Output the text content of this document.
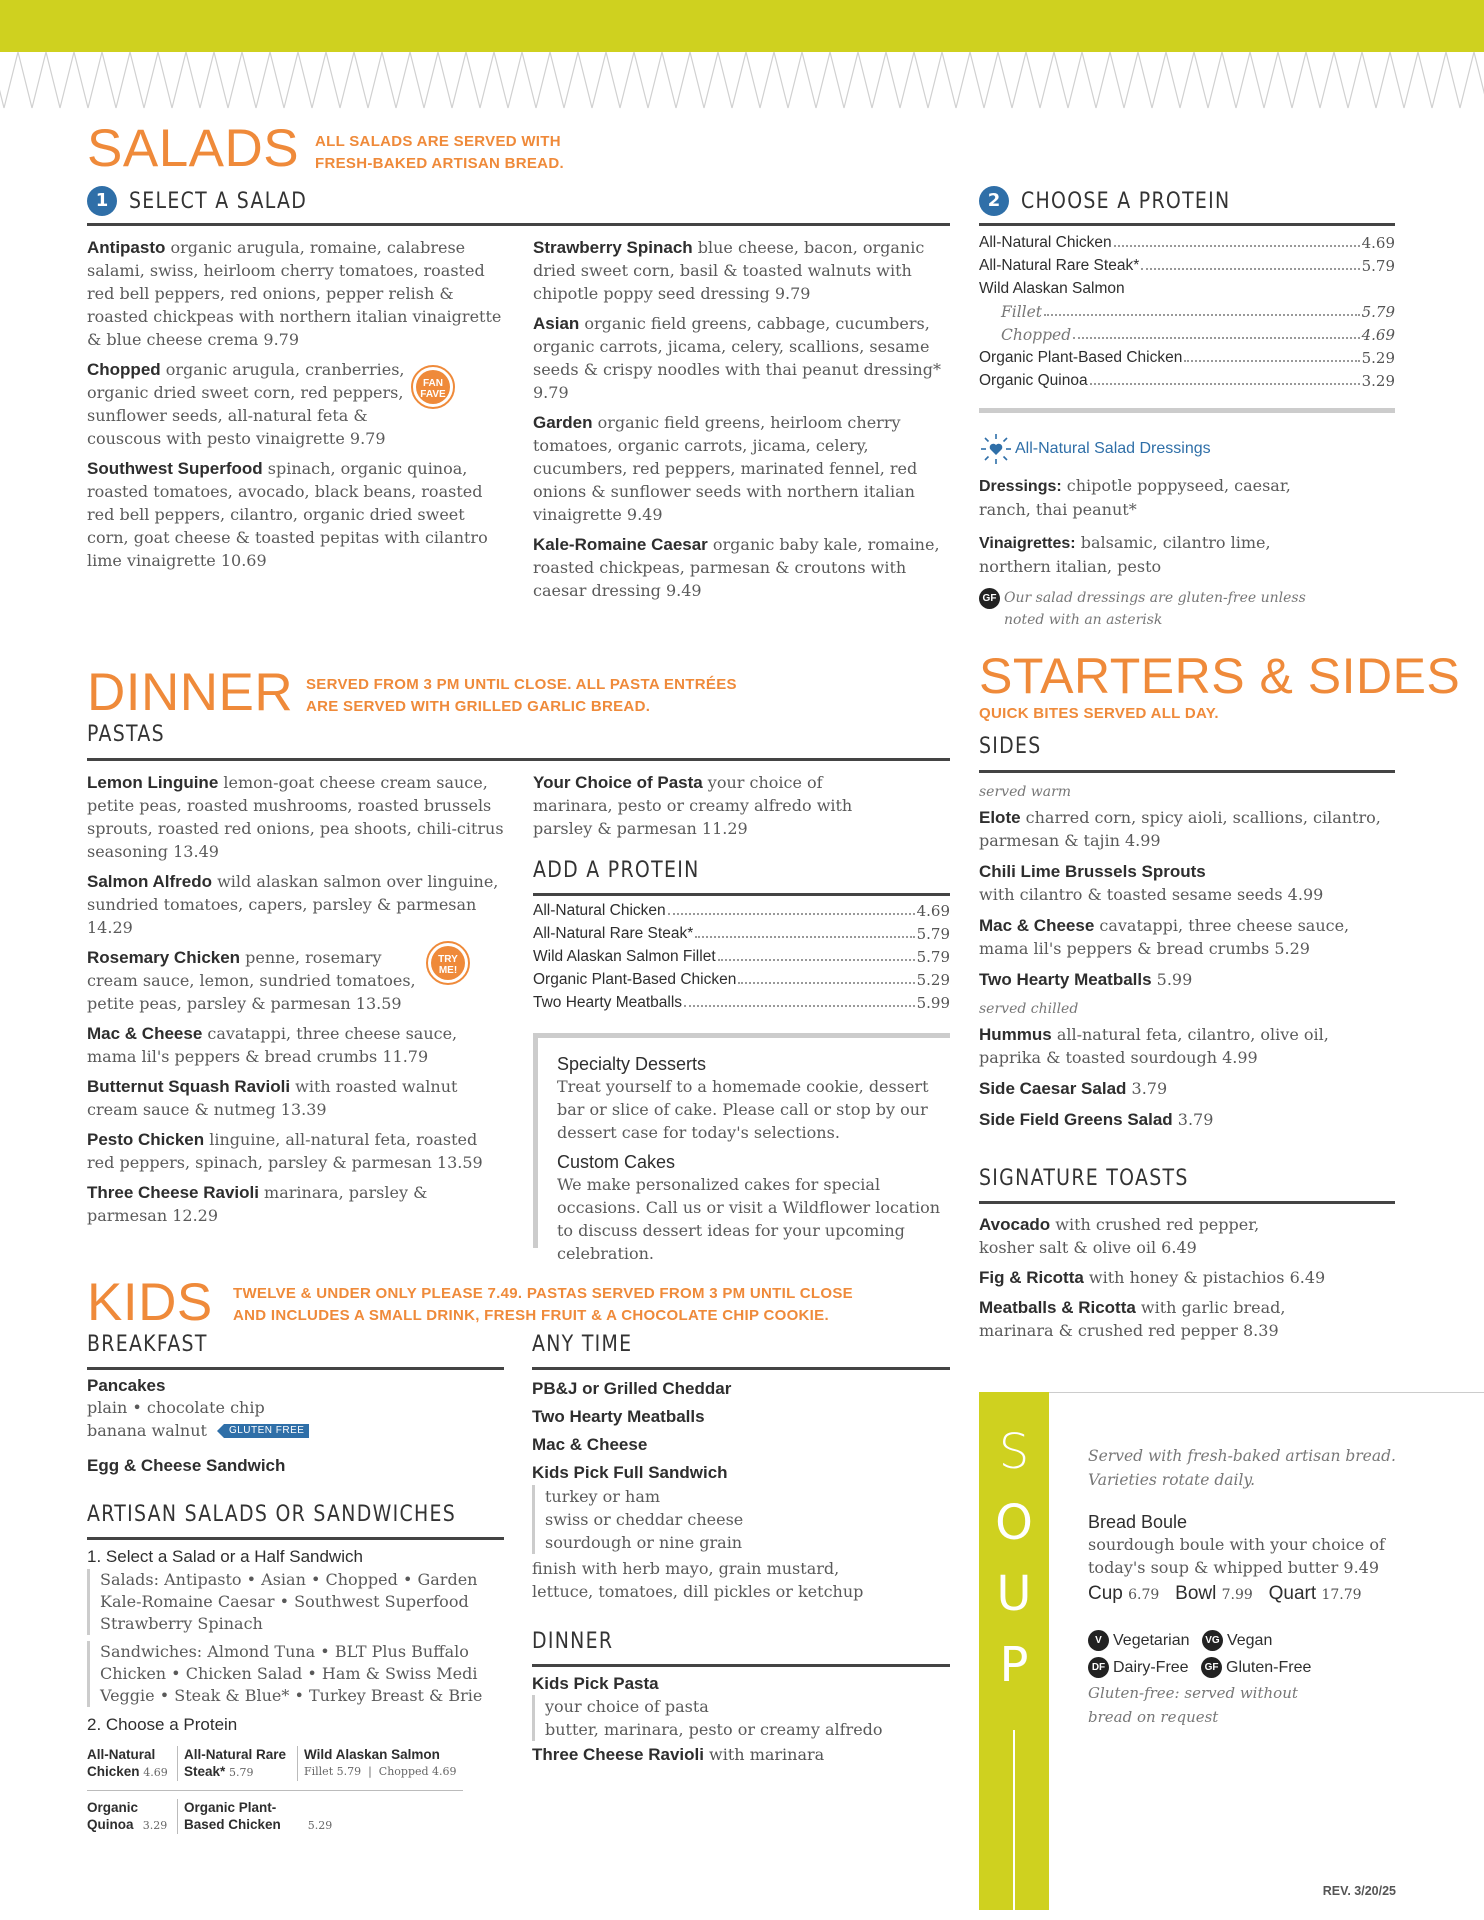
SALADS ALL SALADS ARE SERVED WITH
FRESH-BAKED ARTISAN BREAD.
1 SELECT A SALAD

Antipasto organic arugula, romaine, calabrese salami, swiss, heirloom cherry tomatoes, roasted red bell peppers, red onions, pepper relish & roasted chickpeas with northern italian vinaigrette & blue cheese crema 9.79

Chopped organic arugula, cranberries, organic dried sweet corn, red peppers, sunflower seeds, all-natural feta & couscous with pesto vinaigrette 9.79

Southwest Superfood spinach, organic quinoa, roasted tomatoes, avocado, black beans, roasted red bell peppers, cilantro, organic dried sweet corn, goat cheese & toasted pepitas with cilantro lime vinaigrette 10.69

FAN FAVE

Strawberry Spinach blue cheese, bacon, organic dried sweet corn, basil & toasted walnuts with chipotle poppy seed dressing 9.79

Asian organic field greens, cabbage, cucumbers, organic carrots, jicama, celery, scallions, sesame seeds & crispy noodles with thai peanut dressing* 9.79

Garden organic field greens, heirloom cherry tomatoes, organic carrots, jicama, celery, cucumbers, red peppers, marinated fennel, red onions & sunflower seeds with northern italian vinaigrette 9.49

Kale-Romaine Caesar organic baby kale, romaine, roasted chickpeas, parmesan & croutons with caesar dressing 9.49

2 CHOOSE A PROTEIN
All-Natural Chicken	4.69
All-Natural Rare Steak*	5.79
Wild Alaskan Salmon
Fillet	5.79
Chopped	4.69
Organic Plant-Based Chicken	5.29
Organic Quinoa	3.29
All-Natural Salad Dressings

Dressings: chipotle poppyseed, caesar, ranch, thai peanut*

Vinaigrettes: balsamic, cilantro lime, northern italian, pesto

GF Our salad dressings are gluten-free unless noted with an asterisk

DINNER SERVED FROM 3 PM UNTIL CLOSE. ALL PASTA ENTRÉES
ARE SERVED WITH GRILLED GARLIC BREAD.
PASTAS

Lemon Linguine lemon-goat cheese cream sauce, petite peas, roasted mushrooms, roasted brussels sprouts, roasted red onions, pea shoots, chili-citrus seasoning 13.49

Salmon Alfredo wild alaskan salmon over linguine, sundried tomatoes, capers, parsley & parmesan 14.29

Rosemary Chicken penne, rosemary cream sauce, lemon, sundried tomatoes, petite peas, parsley & parmesan 13.59

Mac & Cheese cavatappi, three cheese sauce, mama lil's peppers & bread crumbs 11.79

Butternut Squash Ravioli with roasted walnut cream sauce & nutmeg 13.39

Pesto Chicken linguine, all-natural feta, roasted red peppers, spinach, parsley & parmesan 13.59

Three Cheese Ravioli marinara, parsley & parmesan 12.29

TRY ME!

Your Choice of Pasta your choice of marinara, pesto or creamy alfredo with parsley & parmesan 11.29

ADD A PROTEIN
All-Natural Chicken	4.69
All-Natural Rare Steak*	5.79
Wild Alaskan Salmon Fillet	5.79
Organic Plant-Based Chicken	5.29
Two Hearty Meatballs	5.99
Specialty Desserts

Treat yourself to a homemade cookie, dessert bar or slice of cake. Please call or stop by our dessert case for today's selections.

Custom Cakes

We make personalized cakes for special occasions. Call us or visit a Wildflower location to discuss dessert ideas for your upcoming celebration.

STARTERS & SIDES
QUICK BITES SERVED ALL DAY.
SIDES
served warm

Elote charred corn, spicy aioli, scallions, cilantro, parmesan & tajin 4.99

Chili Lime Brussels Sprouts
with cilantro & toasted sesame seeds 4.99

Mac & Cheese cavatappi, three cheese sauce, mama lil's peppers & bread crumbs 5.29

Two Hearty Meatballs 5.99

served chilled

Hummus all-natural feta, cilantro, olive oil, paprika & toasted sourdough 4.99

Side Caesar Salad 3.79

Side Field Greens Salad 3.79

SIGNATURE TOASTS

Avocado with crushed red pepper, kosher salt & olive oil 6.49

Fig & Ricotta with honey & pistachios 6.49

Meatballs & Ricotta with garlic bread, marinara & crushed red pepper 8.39

KIDS TWELVE & UNDER ONLY PLEASE 7.49. PASTAS SERVED FROM 3 PM UNTIL CLOSE
AND INCLUDES A SMALL DRINK, FRESH FRUIT & A CHOCOLATE CHIP COOKIE.
BREAKFAST
Pancakes
plain • chocolate chip
banana walnut	GLUTEN FREE
Egg & Cheese Sandwich
ARTISAN SALADS OR SANDWICHES
1. Select a Salad or a Half Sandwich

Salads: Antipasto • Asian • Chopped • Garden Kale-Romaine Caesar • Southwest Superfood Strawberry Spinach

Sandwiches: Almond Tuna • BLT Plus Buffalo Chicken • Chicken Salad • Ham & Swiss Medi Veggie • Steak & Blue* • Turkey Breast & Brie

2. Choose a Protein
All-Natural Chicken 4.69
All-Natural Rare Steak* 5.79
Wild Alaskan Salmon
Fillet 5.79  |  Chopped 4.69
Organic Quinoa 3.29
Organic Plant-Based Chicken 5.29
ANY TIME
PB&J or Grilled Cheddar
Two Hearty Meatballs
Mac & Cheese
Kids Pick Full Sandwich
turkey or ham
swiss or cheddar cheese
sourdough or nine grain

finish with herb mayo, grain mustard, lettuce, tomatoes, dill pickles or ketchup

DINNER
Kids Pick Pasta
your choice of pasta
butter, marinara, pesto or creamy alfredo
Three Cheese Ravioli with marinara
S
O
U
P

Served with fresh-baked artisan bread. Varieties rotate daily.

Bread Boule

sourdough boule with your choice of today's soup & whipped butter 9.49

Cup 6.79 Bowl 7.99 Quart 17.79
V Vegetarian VG Vegan
DF Dairy-Free GF Gluten-Free

Gluten-free: served without bread on request

REV. 3/20/25
